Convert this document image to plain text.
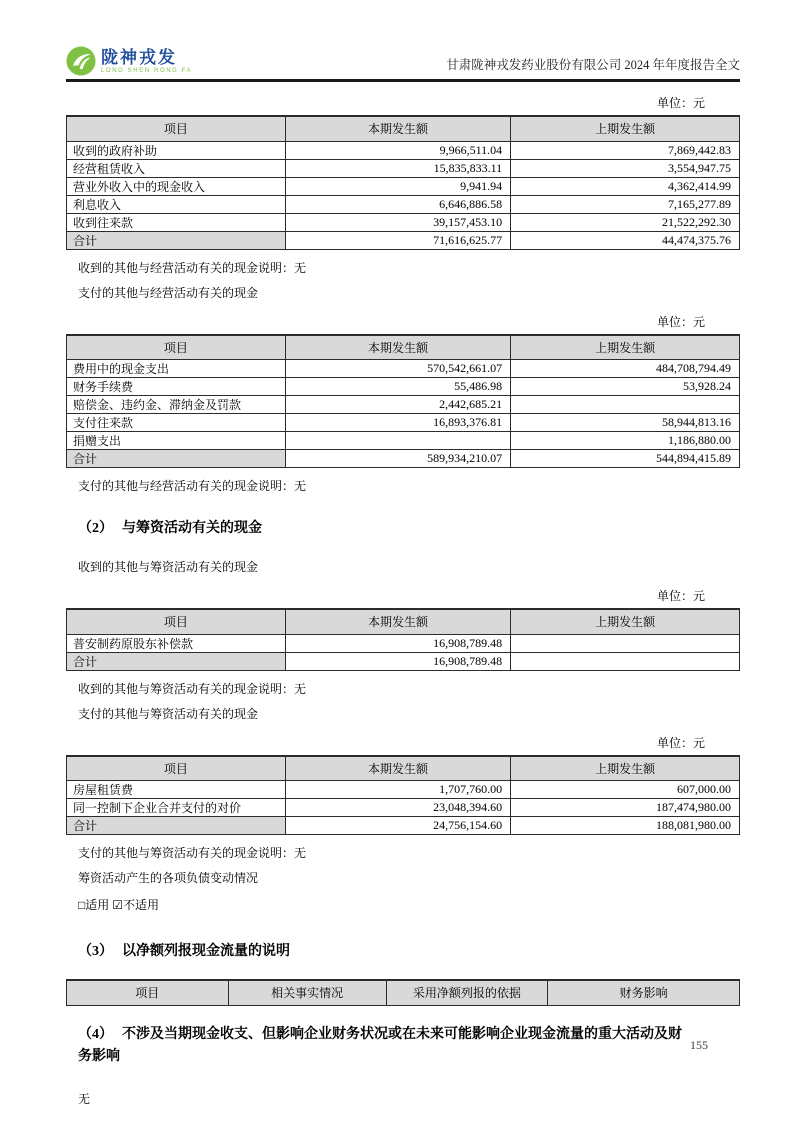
陇神戎发
LONG SHEN RONG FA	甘肃陇神戎发药业股份有限公司 2024 年年度报告全文
单位：元
项目	本期发生额	上期发生额
收到的政府补助	9,966,511.04	7,869,442.83
经营租赁收入	15,835,833.11	3,554,947.75
营业外收入中的现金收入	9,941.94	4,362,414.99
利息收入	6,646,886.58	7,165,277.89
收到往来款	39,157,453.10	21,522,292.30
合计	71,616,625.77	44,474,375.76

收到的其他与经营活动有关的现金说明：无

支付的其他与经营活动有关的现金

单位：元
项目	本期发生额	上期发生额
费用中的现金支出	570,542,661.07	484,708,794.49
财务手续费	55,486.98	53,928.24
赔偿金、违约金、滞纳金及罚款	2,442,685.21	
支付往来款	16,893,376.81	58,944,813.16
捐赠支出		1,186,880.00
合计	589,934,210.07	544,894,415.89

支付的其他与经营活动有关的现金说明：无

（2） 与筹资活动有关的现金

收到的其他与筹资活动有关的现金

单位：元
项目	本期发生额	上期发生额
普安制药原股东补偿款	16,908,789.48	
合计	16,908,789.48	

收到的其他与筹资活动有关的现金说明：无

支付的其他与筹资活动有关的现金

单位：元
项目	本期发生额	上期发生额
房屋租赁费	1,707,760.00	607,000.00
同一控制下企业合并支付的对价	23,048,394.60	187,474,980.00
合计	24,756,154.60	188,081,980.00

支付的其他与筹资活动有关的现金说明：无

筹资活动产生的各项负债变动情况

□适用 ☑不适用

（3） 以净额列报现金流量的说明
项目	相关事实情况	采用净额列报的依据	财务影响
（4） 不涉及当期现金收支、但影响企业财务状况或在未来可能影响企业现金流量的重大活动及财务影响

无

155
